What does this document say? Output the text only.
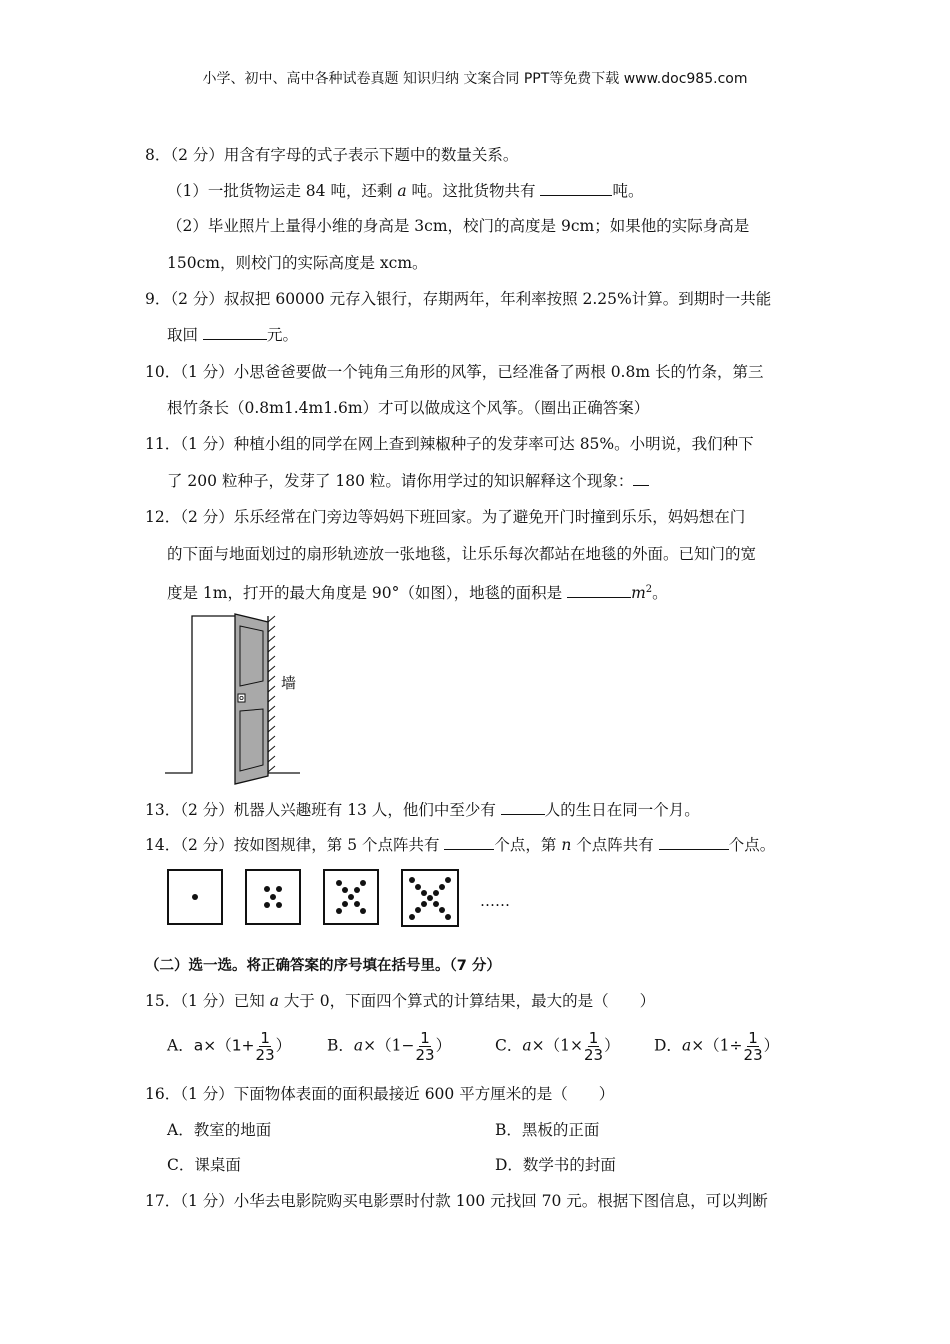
小学、初中、高中各种试卷真题 知识归纳 文案合同 PPT等免费下载 www.doc985.com
8．（2 分）用含有字母的式子表示下题中的数量关系。
（1）一批货物运走 84 吨，还剩 a 吨。这批货物共有	吨。
（2）毕业照片上量得小维的身高是 3cm，校门的高度是 9cm；如果他的实际身高是
150cm，则校门的实际高度是 xcm。
9．（2 分）叔叔把 60000 元存入银行，存期两年，年利率按照 2.25%计算。到期时一共能
取回	元。
10．（1 分）小思爸爸要做一个钝角三角形的风筝，已经准备了两根 0.8m 长的竹条，第三
根竹条长（0.8m1.4m1.6m）才可以做成这个风筝。（圈出正确答案）
11．（1 分）种植小组的同学在网上查到辣椒种子的发芽率可达 85%。小明说，我们种下
了 200 粒种子，发芽了 180 粒。请你用学过的知识解释这个现象：
12．（2 分）乐乐经常在门旁边等妈妈下班回家。为了避免开门时撞到乐乐，妈妈想在门
的下面与地面划过的扇形轨迹放一张地毯，让乐乐每次都站在地毯的外面。已知门的宽
度是 1m，打开的最大角度是 90°（如图），地毯的面积是	$m^2$。
墙
13．（2 分）机器人兴趣班有 13 人，他们中至少有	人的生日在同一个月。
14．（2 分）按如图规律，第 5 个点阵共有	个点，第 n 个点阵共有	个点。
……
（二）选一选。将正确答案的序号填在括号里。（7 分）
15．（1 分）已知 a 大于 0，下面四个算式的计算结果，最大的是（　　）
A．$a\times(1+ \frac{1}{23}$ ） B．$a\times(1- \frac{1}{23}$ ）	C．$a\times(1\times \frac{1}{23}$ ） D．$a\times(1\div \frac{1}{23}$ ）
16．（1 分）下面物体表面的面积最接近 600 平方厘米的是（　　）
A．教室的地面	B．黑板的正面
C．课桌面	D．数学书的封面
17．（1 分）小华去电影院购买电影票时付款 100 元找回 70 元。根据下图信息，可以判断
